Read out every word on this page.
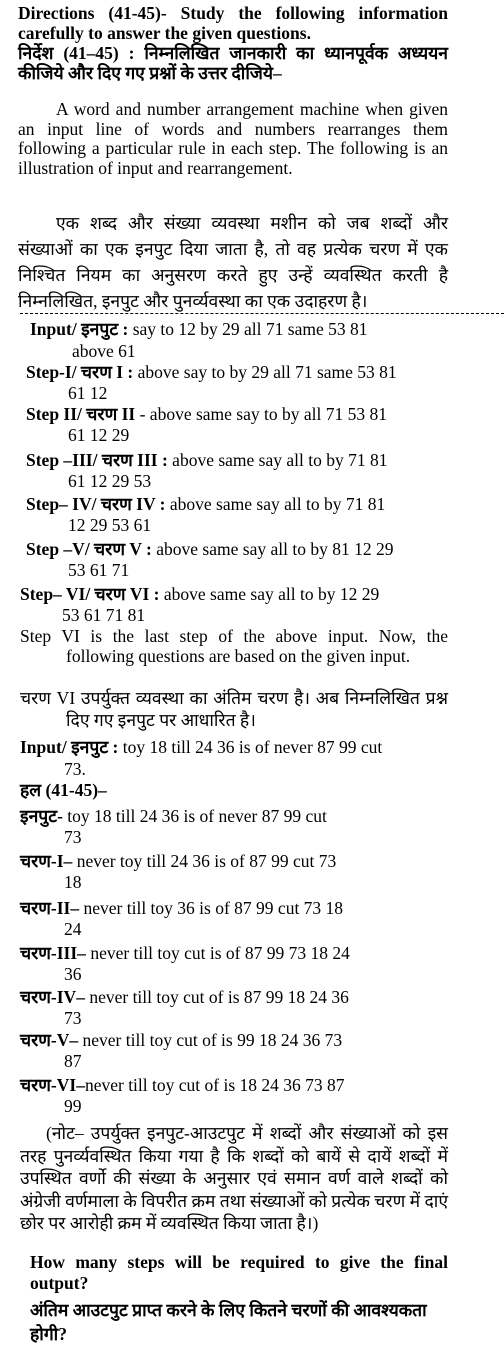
Directions (41-45)- Study the following information carefully to answer the given questions.
निर्देश (41–45) : निम्नलिखित जानकारी का ध्यानपूर्वक अध्ययन कीजिये और दिए गए प्रश्नों के उत्तर दीजिये–
A word and number arrangement machine when given an input line of words and numbers rearranges them following a particular rule in each step. The following is an illustration of input and rearrangement.
एक शब्द और संख्या व्यवस्था मशीन को जब शब्दों और संख्याओं का एक इनपुट दिया जाता है, तो वह प्रत्येक चरण में एक निश्चित नियम का अनुसरण करते हुए उन्हें व्यवस्थित करती है निम्नलिखित, इनपुट और पुनर्व्यवस्था का एक उदाहरण है।
Input/ इनपुट : say to 12 by 29 all 71 same 53 81
above 61
Step-I/ चरण I : above say to by 29 all 71 same 53 81
61 12
Step II/ चरण II - above same say to by all 71 53 81
61 12 29
Step –III/ चरण III : above same say all to by 71 81
61 12 29 53
Step– IV/ चरण IV : above same say all to by 71 81
12 29 53 61
Step –V/ चरण V : above same say all to by 81 12 29
53 61 71
Step– VI/ चरण VI : above same say all to by 12 29
53 61 71 81
Step VI is the last step of the above input. Now, the following questions are based on the given input.
चरण VI उपर्युक्त व्यवस्था का अंतिम चरण है। अब निम्नलिखित प्रश्न दिए गए इनपुट पर आधारित है।
Input/ इनपुट : toy 18 till 24 36 is of never 87 99 cut
73.
हल (41-45)–
इनपुट- toy 18 till 24 36 is of never 87 99 cut
73
चरण-I– never toy till 24 36 is of 87 99 cut 73
18
चरण-II– never till toy 36 is of 87 99 cut 73 18
24
चरण-III– never till toy cut is of 87 99 73 18 24
36
चरण-IV– never till toy cut of is 87 99 18 24 36
73
चरण-V– never till toy cut of is 99 18 24 36 73
87
चरण-VI–never till toy cut of is 18 24 36 73 87
99
(नोट– उपर्युक्त इनपुट-आउटपुट में शब्दों और संख्याओं को इस तरह पुनर्व्यवस्थित किया गया है कि शब्दों को बायें से दायें शब्दों में उपस्थित वर्णो की संख्या के अनुसार एवं समान वर्ण वाले शब्दों को अंग्रेजी वर्णमाला के विपरीत क्रम तथा संख्याओं को प्रत्येक चरण में दाएं छोर पर आरोही क्रम में व्यवस्थित किया जाता है।)
How many steps will be required to give the final output?
अंतिम आउटपुट प्राप्त करने के लिए कितने चरणों की आवश्यकता होगी?
